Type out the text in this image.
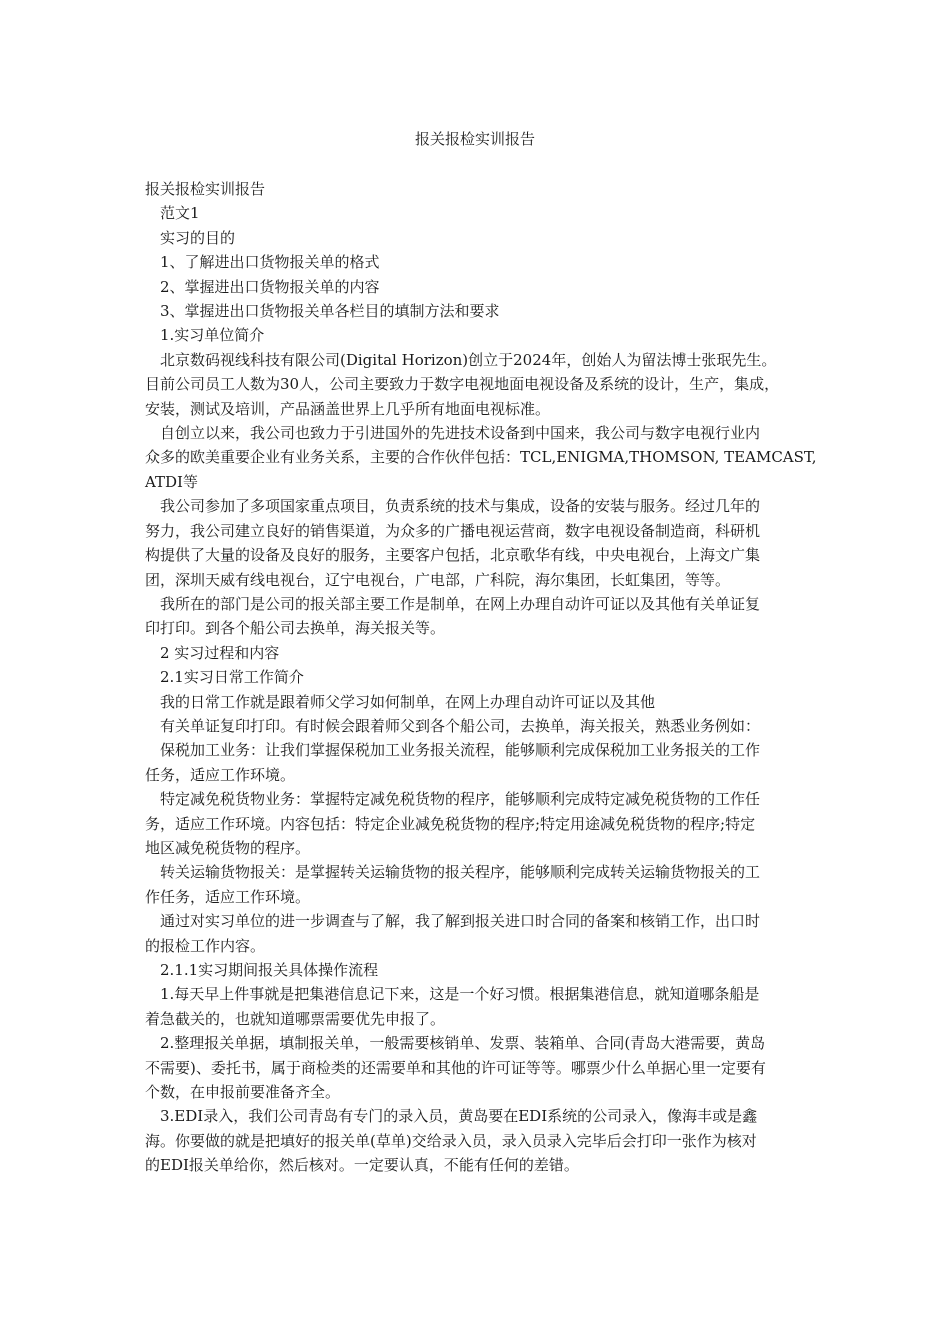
报关报检实训报告

报关报检实训报告

范文1

实习的目的

1、了解进出口货物报关单的格式

2、掌握进出口货物报关单的内容

3、掌握进出口货物报关单各栏目的填制方法和要求

1.实习单位简介

北京数码视线科技有限公司(Digital Horizon)创立于2024年，创始人为留法博士张珉先生。

目前公司员工人数为30人，公司主要致力于数字电视地面电视设备及系统的设计，生产，集成，

安装，测试及培训，产品涵盖世界上几乎所有地面电视标准。

自创立以来，我公司也致力于引进国外的先进技术设备到中国来，我公司与数字电视行业内

众多的欧美重要企业有业务关系，主要的合作伙伴包括：TCL,ENIGMA,THOMSON, TEAMCAST,

ATDI等

我公司参加了多项国家重点项目，负责系统的技术与集成，设备的安装与服务。经过几年的

努力，我公司建立良好的销售渠道，为众多的广播电视运营商，数字电视设备制造商，科研机

构提供了大量的设备及良好的服务，主要客户包括，北京歌华有线，中央电视台，上海文广集

团，深圳天威有线电视台，辽宁电视台，广电部，广科院，海尔集团，长虹集团，等等。

我所在的部门是公司的报关部主要工作是制单，在网上办理自动许可证以及其他有关单证复

印打印。到各个船公司去换单，海关报关等。

2 实习过程和内容

2.1实习日常工作简介

我的日常工作就是跟着师父学习如何制单，在网上办理自动许可证以及其他

有关单证复印打印。有时候会跟着师父到各个船公司，去换单，海关报关，熟悉业务例如：

保税加工业务：让我们掌握保税加工业务报关流程，能够顺利完成保税加工业务报关的工作

任务，适应工作环境。

特定减免税货物业务：掌握特定减免税货物的程序，能够顺利完成特定减免税货物的工作任

务，适应工作环境。内容包括：特定企业减免税货物的程序;特定用途减免税货物的程序;特定

地区减免税货物的程序。

转关运输货物报关：是掌握转关运输货物的报关程序，能够顺利完成转关运输货物报关的工

作任务，适应工作环境。

通过对实习单位的进一步调查与了解，我了解到报关进口时合同的备案和核销工作，出口时

的报检工作内容。

2.1.1实习期间报关具体操作流程

1.每天早上件事就是把集港信息记下来，这是一个好习惯。根据集港信息，就知道哪条船是

着急截关的，也就知道哪票需要优先申报了。

2.整理报关单据，填制报关单，一般需要核销单、发票、装箱单、合同(青岛大港需要，黄岛

不需要)、委托书，属于商检类的还需要单和其他的许可证等等。哪票少什么单据心里一定要有

个数，在申报前要准备齐全。

3.EDI录入，我们公司青岛有专门的录入员，黄岛要在EDI系统的公司录入，像海丰或是鑫

海。你要做的就是把填好的报关单(草单)交给录入员，录入员录入完毕后会打印一张作为核对

的EDI报关单给你，然后核对。一定要认真，不能有任何的差错。
